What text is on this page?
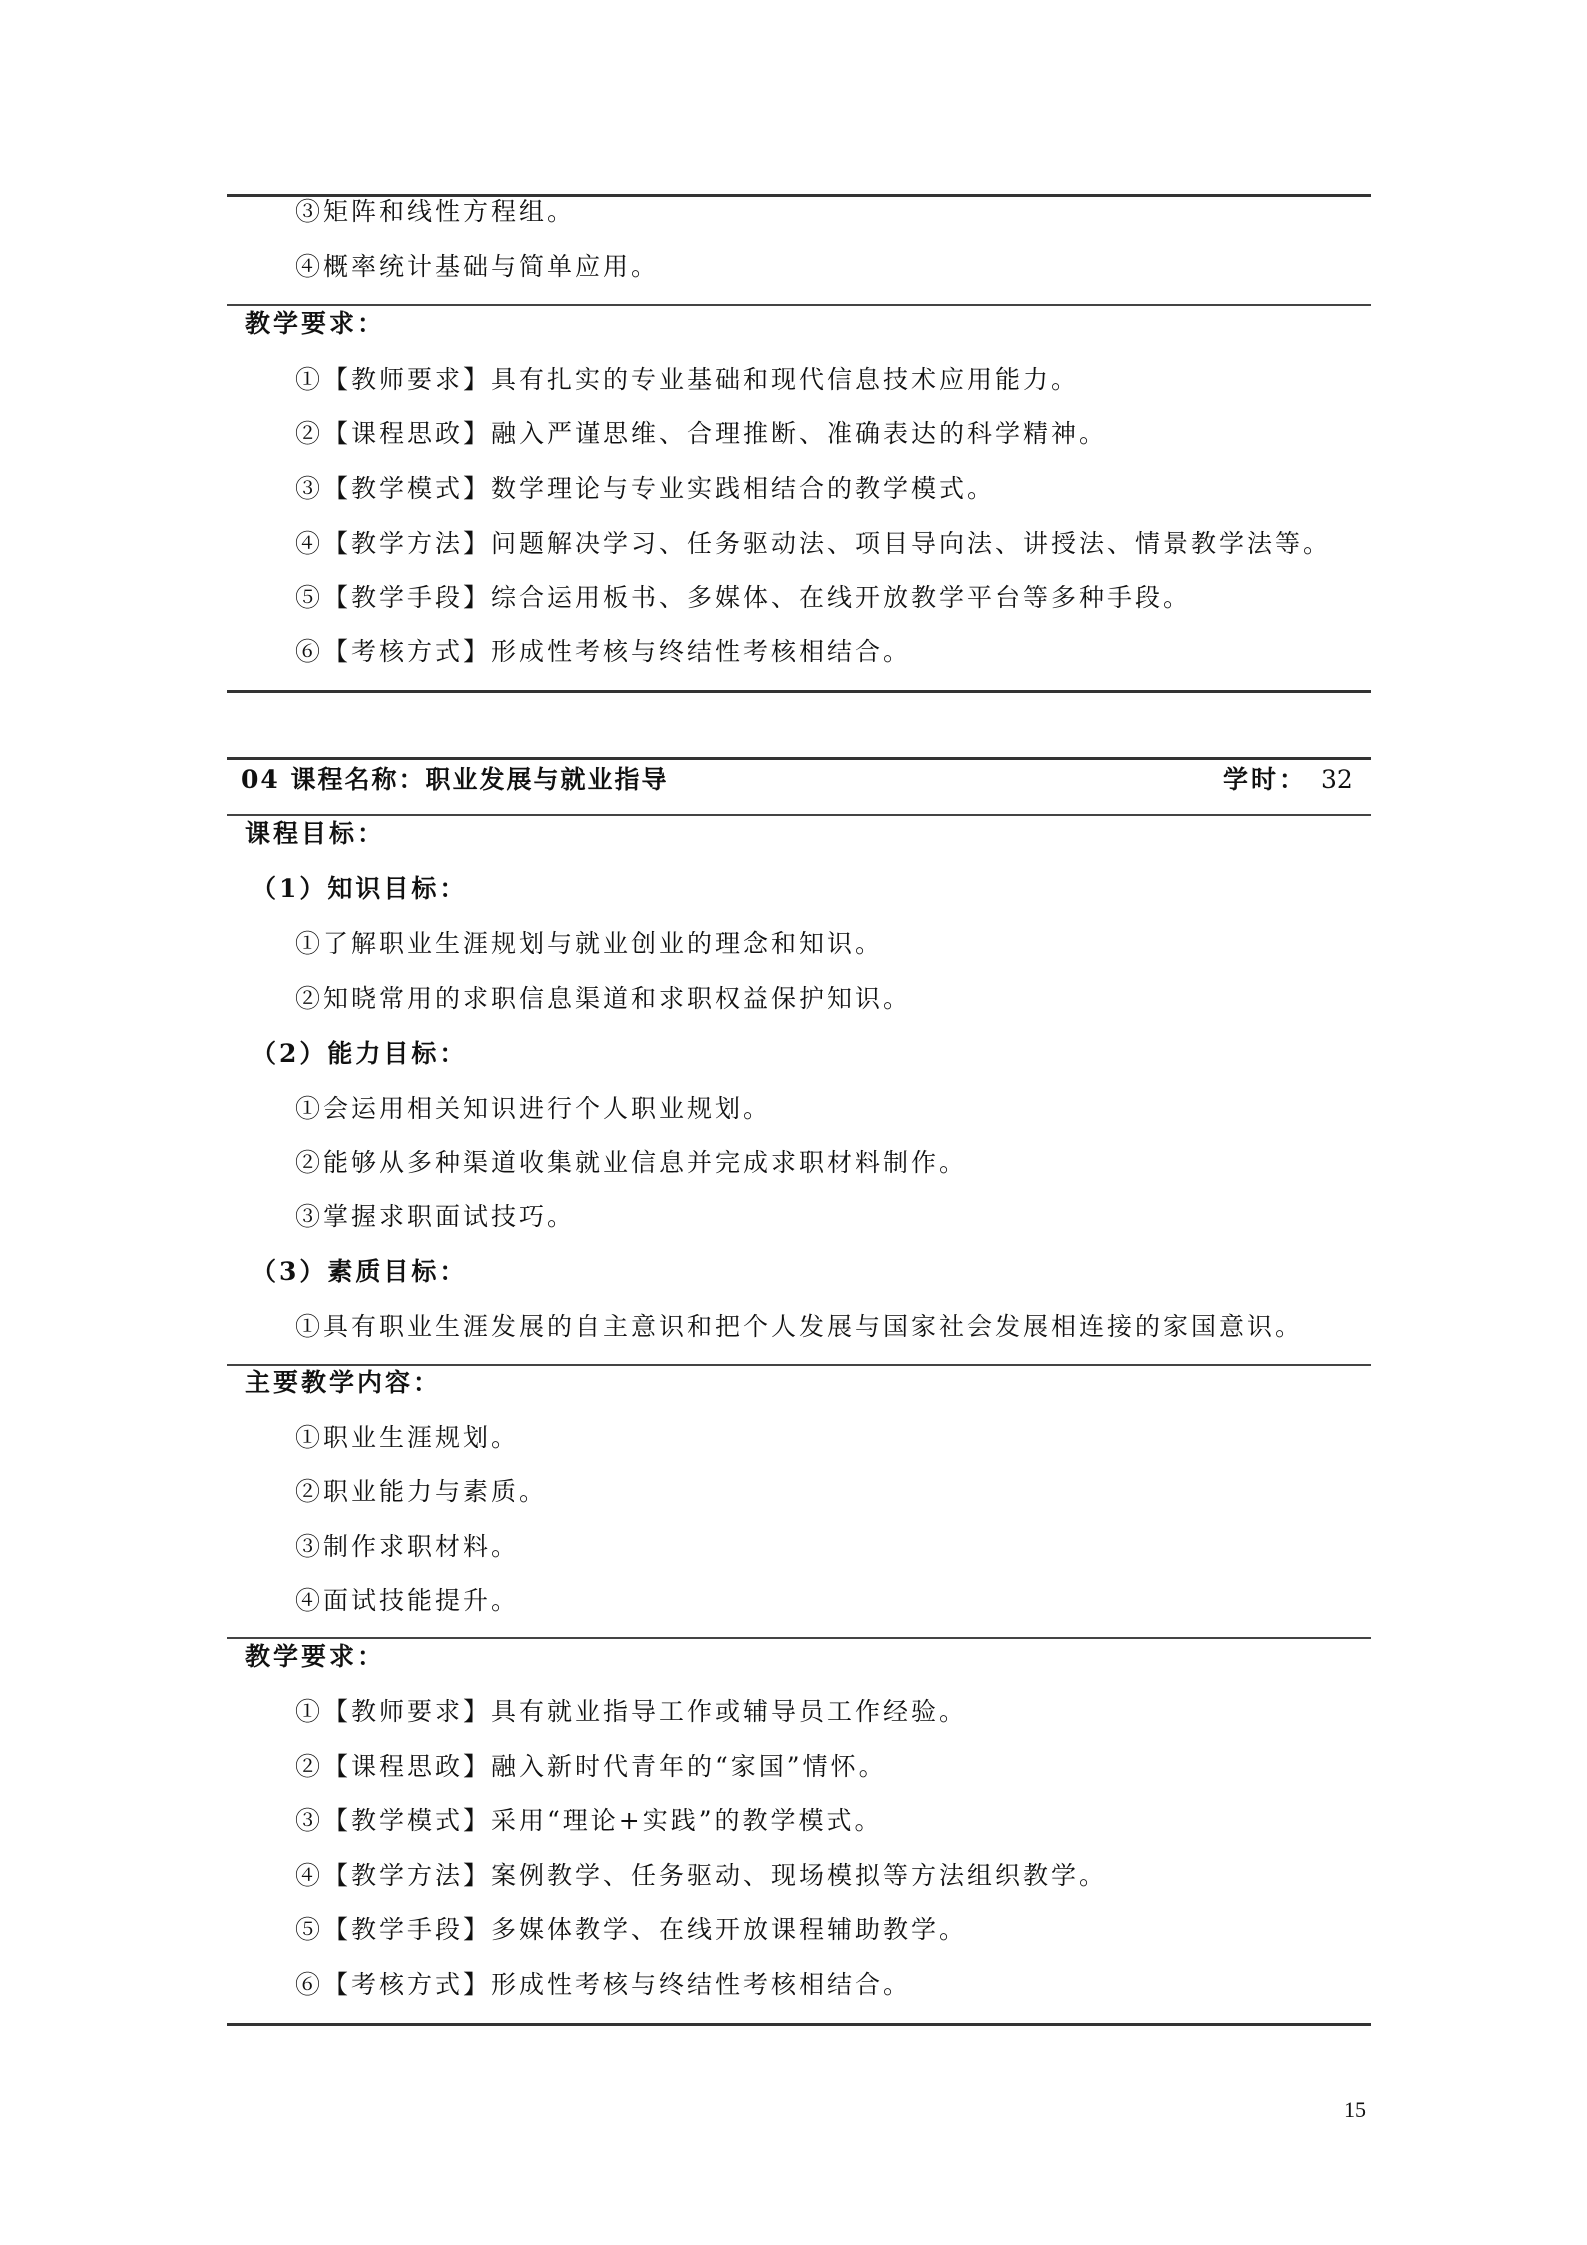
③矩阵和线性方程组。
④概率统计基础与简单应用。
教学要求：
①【教师要求】具有扎实的专业基础和现代信息技术应用能力。
②【课程思政】融入严谨思维、合理推断、准确表达的科学精神。
③【教学模式】数学理论与专业实践相结合的教学模式。
④【教学方法】问题解决学习、任务驱动法、项目导向法、讲授法、情景教学法等。
⑤【教学手段】综合运用板书、多媒体、在线开放教学平台等多种手段。
⑥【考核方式】形成性考核与终结性考核相结合。
04 课程名称：职业发展与就业指导	学时： 32
课程目标：
（1）知识目标：
①了解职业生涯规划与就业创业的理念和知识。
②知晓常用的求职信息渠道和求职权益保护知识。
（2）能力目标：
①会运用相关知识进行个人职业规划。
②能够从多种渠道收集就业信息并完成求职材料制作。
③掌握求职面试技巧。
（3）素质目标：
①具有职业生涯发展的自主意识和把个人发展与国家社会发展相连接的家国意识。
主要教学内容：
①职业生涯规划。
②职业能力与素质。
③制作求职材料。
④面试技能提升。
教学要求：
①【教师要求】具有就业指导工作或辅导员工作经验。
②【课程思政】融入新时代青年的“家国”情怀。
③【教学模式】采用“理论+实践”的教学模式。
④【教学方法】案例教学、任务驱动、现场模拟等方法组织教学。
⑤【教学手段】多媒体教学、在线开放课程辅助教学。
⑥【考核方式】形成性考核与终结性考核相结合。
15
